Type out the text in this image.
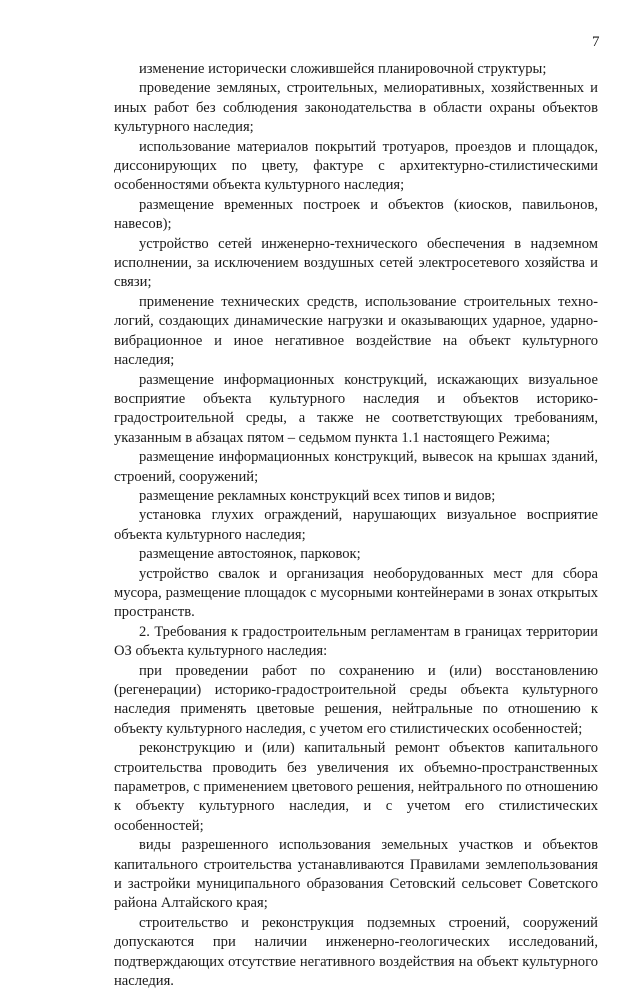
7

изменение исторически сложившейся планировочной структуры;

проведение земляных, строительных, мелиоративных, хозяйственных и иных работ без соблюдения законодательства в области охраны объектов культурного наследия;

использование материалов покрытий тротуаров, проездов и площадок, диссонирующих по цвету, фактуре с архитектурно-стилистическими особенностями объекта культурного наследия;

размещение временных построек и объектов (киосков, павильонов, навесов);

устройство сетей инженерно-технического обеспечения в надземном исполнении, за исключением воздушных сетей электросетевого хозяйства и связи;

применение технических средств, использование строительных технологий, создающих динамические нагрузки и оказывающих ударное, ударно-вибрационное и иное негативное воздействие на объект культурного наследия;

размещение информационных конструкций, искажающих визуальное восприятие объекта культурного наследия и объектов историко-градостроительной среды, а также не соответствующих требованиям, указанным в абзацах пятом – седьмом пункта 1.1 настоящего Режима;

размещение информационных конструкций, вывесок на крышах зданий, строений, сооружений;

размещение рекламных конструкций всех типов и видов;

установка глухих ограждений, нарушающих визуальное восприятие объекта культурного наследия;

размещение автостоянок, парковок;

устройство свалок и организация необорудованных мест для сбора мусора, размещение площадок с мусорными контейнерами в зонах открытых пространств.

2. Требования к градостроительным регламентам в границах территории ОЗ объекта культурного наследия:

при проведении работ по сохранению и (или) восстановлению (регенерации) историко-градостроительной среды объекта культурного наследия применять цветовые решения, нейтральные по отношению к объекту культурного наследия, с учетом его стилистических особенностей;

реконструкцию и (или) капитальный ремонт объектов капитального строительства проводить без увеличения их объемно-пространственных параметров, с применением цветового решения, нейтрального по отношению к объекту культурного наследия, и с учетом его стилистических особенностей;

виды разрешенного использования земельных участков и объектов капитального строительства устанавливаются Правилами землепользования и застройки муниципального образования Сетовский сельсовет Советского района Алтайского края;

строительство и реконструкция подземных строений, сооружений допускаются при наличии инженерно-геологических исследований, подтверждающих отсутствие негативного воздействия на объект культурного наследия.
